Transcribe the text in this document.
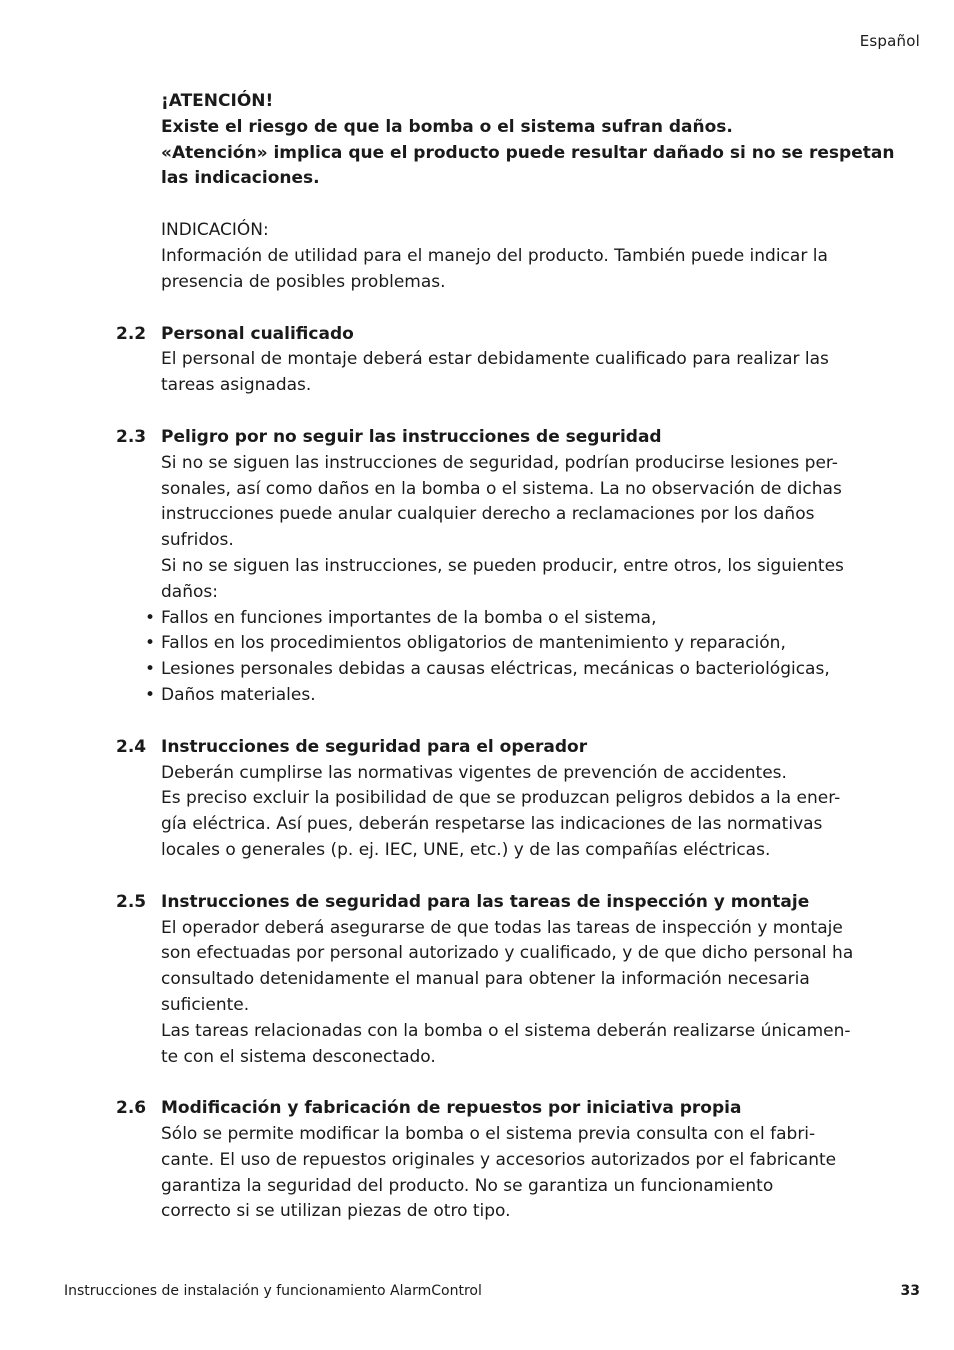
Español
¡ATENCIÓN!
Existe el riesgo de que la bomba o el sistema sufran daños.
«Atención» implica que el producto puede resultar dañado si no se respetan
las indicaciones.
INDICACIÓN:
Información de utilidad para el manejo del producto. También puede indicar la
presencia de posibles problemas.
2.2 Personal cualificado
El personal de montaje deberá estar debidamente cualificado para realizar las
tareas asignadas.
2.3 Peligro por no seguir las instrucciones de seguridad
Si no se siguen las instrucciones de seguridad, podrían producirse lesiones per-
sonales, así como daños en la bomba o el sistema. La no observación de dichas
instrucciones puede anular cualquier derecho a reclamaciones por los daños
sufridos.
Si no se siguen las instrucciones, se pueden producir, entre otros, los siguientes
daños:
• Fallos en funciones importantes de la bomba o el sistema,
• Fallos en los procedimientos obligatorios de mantenimiento y reparación,
• Lesiones personales debidas a causas eléctricas, mecánicas o bacteriológicas,
• Daños materiales.
2.4 Instrucciones de seguridad para el operador
Deberán cumplirse las normativas vigentes de prevención de accidentes.
Es preciso excluir la posibilidad de que se produzcan peligros debidos a la ener-
gía eléctrica. Así pues, deberán respetarse las indicaciones de las normativas
locales o generales (p. ej. IEC, UNE, etc.) y de las compañías eléctricas.
2.5 Instrucciones de seguridad para las tareas de inspección y montaje
El operador deberá asegurarse de que todas las tareas de inspección y montaje
son efectuadas por personal autorizado y cualificado, y de que dicho personal ha
consultado detenidamente el manual para obtener la información necesaria
suficiente.
Las tareas relacionadas con la bomba o el sistema deberán realizarse únicamen-
te con el sistema desconectado.
2.6 Modificación y fabricación de repuestos por iniciativa propia
Sólo se permite modificar la bomba o el sistema previa consulta con el fabri-
cante. El uso de repuestos originales y accesorios autorizados por el fabricante
garantiza la seguridad del producto. No se garantiza un funcionamiento
correcto si se utilizan piezas de otro tipo.
Instrucciones de instalación y funcionamiento AlarmControl	33
